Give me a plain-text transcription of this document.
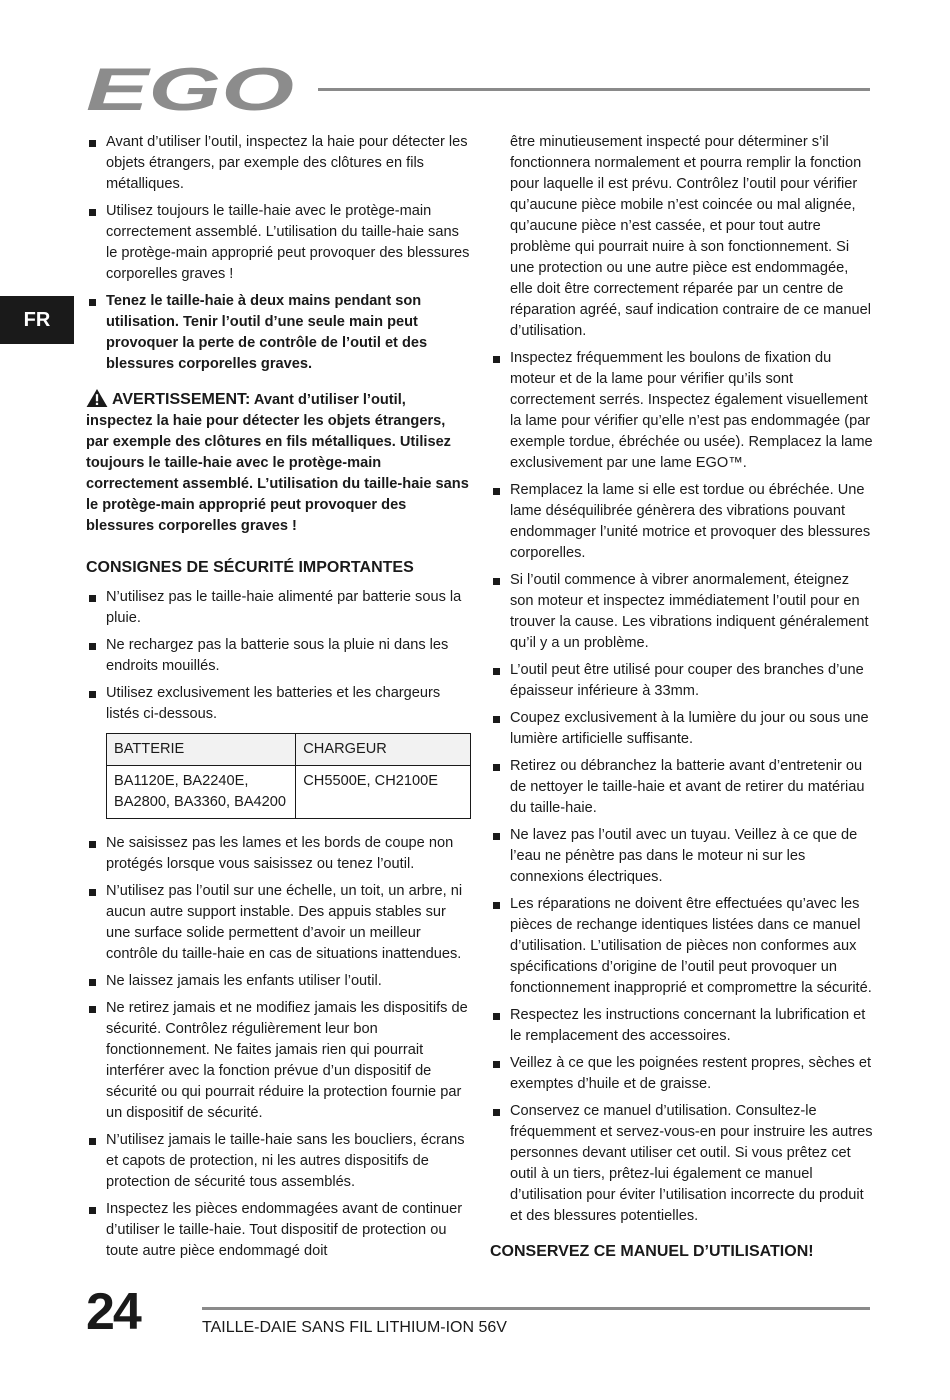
EGO
FR
Avant d’utiliser l’outil, inspectez la haie pour détecter les objets étrangers, par exemple des clôtures en fils métalliques.
Utilisez toujours le taille-haie avec le protège-main correctement assemblé. L’utilisation du taille-haie sans le protège-main approprié peut provoquer des blessures corporelles graves !
Tenez le taille-haie à deux mains pendant son utilisation. Tenir l’outil d’une seule main peut provoquer la perte de contrôle de l’outil et des blessures corporelles graves.
AVERTISSEMENT: Avant d’utiliser l’outil, inspectez la haie pour détecter les objets étrangers, par exemple des clôtures en fils métalliques. Utilisez toujours le taille-haie avec le protège-main correctement assemblé. L’utilisation du taille-haie sans le protège-main approprié peut provoquer des blessures corporelles graves !
CONSIGNES DE SÉCURITÉ IMPORTANTES
N’utilisez pas le taille-haie alimenté par batterie sous la pluie.
Ne rechargez pas la batterie sous la pluie ni dans les endroits mouillés.
Utilisez exclusivement les batteries et les chargeurs listés ci-dessous.
BATTERIE	CHARGEUR
BA1120E, BA2240E, BA2800, BA3360, BA4200	CH5500E, CH2100E
Ne saisissez pas les lames et les bords de coupe non protégés lorsque vous saisissez ou tenez l’outil.
N’utilisez pas l’outil sur une échelle, un toit, un arbre, ni aucun autre support instable. Des appuis stables sur une surface solide permettent d’avoir un meilleur contrôle du taille-haie en cas de situations inattendues.
Ne laissez jamais les enfants utiliser l’outil.
Ne retirez jamais et ne modifiez jamais les dispositifs de sécurité. Contrôlez régulièrement leur bon fonctionnement. Ne faites jamais rien qui pourrait interférer avec la fonction prévue d’un dispositif de sécurité ou qui pourrait réduire la protection fournie par un dispositif de sécurité.
N’utilisez jamais le taille-haie sans les boucliers, écrans et capots de protection, ni les autres dispositifs de protection de sécurité tous assemblés.
Inspectez les pièces endommagées avant de continuer d’utiliser le taille-haie. Tout dispositif de protection ou toute autre pièce endommagé doit
être minutieusement inspecté pour déterminer s’il fonctionnera normalement et pourra remplir la fonction pour laquelle il est prévu. Contrôlez l’outil pour vérifier qu’aucune pièce mobile n’est coincée ou mal alignée, qu’aucune pièce n’est cassée, et pour tout autre problème qui pourrait nuire à son fonctionnement. Si une protection ou une autre pièce est endommagée, elle doit être correctement réparée par un centre de réparation agréé, sauf indication contraire de ce manuel d’utilisation.
Inspectez fréquemment les boulons de fixation du moteur et de la lame pour vérifier qu’ils sont correctement serrés. Inspectez également visuellement la lame pour vérifier qu’elle n’est pas endommagée (par exemple tordue, ébréchée ou usée). Remplacez la lame exclusivement par une lame EGO™.
Remplacez la lame si elle est tordue ou ébréchée. Une lame déséquilibrée génèrera des vibrations pouvant endommager l’unité motrice et provoquer des blessures corporelles.
Si l’outil commence à vibrer anormalement, éteignez son moteur et inspectez immédiatement l’outil pour en trouver la cause. Les vibrations indiquent généralement qu’il y a un problème.
L’outil peut être utilisé pour couper des branches d’une épaisseur inférieure à 33mm.
Coupez exclusivement à la lumière du jour ou sous une lumière artificielle suffisante.
Retirez ou débranchez la batterie avant d’entretenir ou de nettoyer le taille-haie et avant de retirer du matériau du taille-haie.
Ne lavez pas l’outil avec un tuyau. Veillez à ce que de l’eau ne pénètre pas dans le moteur ni sur les connexions électriques.
Les réparations ne doivent être effectuées qu’avec les pièces de rechange identiques listées dans ce manuel d’utilisation. L’utilisation de pièces non conformes aux spécifications d’origine de l’outil peut provoquer un fonctionnement inapproprié et compromettre la sécurité.
Respectez les instructions concernant la lubrification et le remplacement des accessoires.
Veillez à ce que les poignées restent propres, sèches et exemptes d’huile et de graisse.
Conservez ce manuel d’utilisation. Consultez-le fréquemment et servez-vous-en pour instruire les autres personnes devant utiliser cet outil. Si vous prêtez cet outil à un tiers, prêtez-lui également ce manuel d’utilisation pour éviter l’utilisation incorrecte du produit et des blessures potentielles.
CONSERVEZ CE MANUEL D’UTILISATION!
24	TAILLE-DAIE SANS FIL LITHIUM-ION 56V
